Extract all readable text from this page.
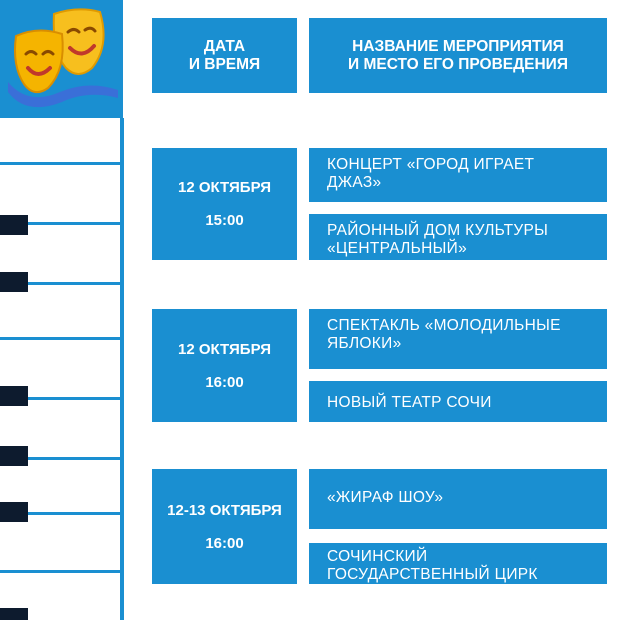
ДАТА
И ВРЕМЯ
НАЗВАНИЕ МЕРОПРИЯТИЯ
И МЕСТО ЕГО ПРОВЕДЕНИЯ
12 ОКТЯБРЯ
15:00
КОНЦЕРТ «ГОРОД ИГРАЕТ
ДЖАЗ»
РАЙОННЫЙ ДОМ КУЛЬТУРЫ
«ЦЕНТРАЛЬНЫЙ»
12 ОКТЯБРЯ
16:00
СПЕКТАКЛЬ «МОЛОДИЛЬНЫЕ
ЯБЛОКИ»
НОВЫЙ ТЕАТР СОЧИ
12-13 ОКТЯБРЯ
16:00
«ЖИРАФ ШОУ»
СОЧИНСКИЙ
ГОСУДАРСТВЕННЫЙ ЦИРК
